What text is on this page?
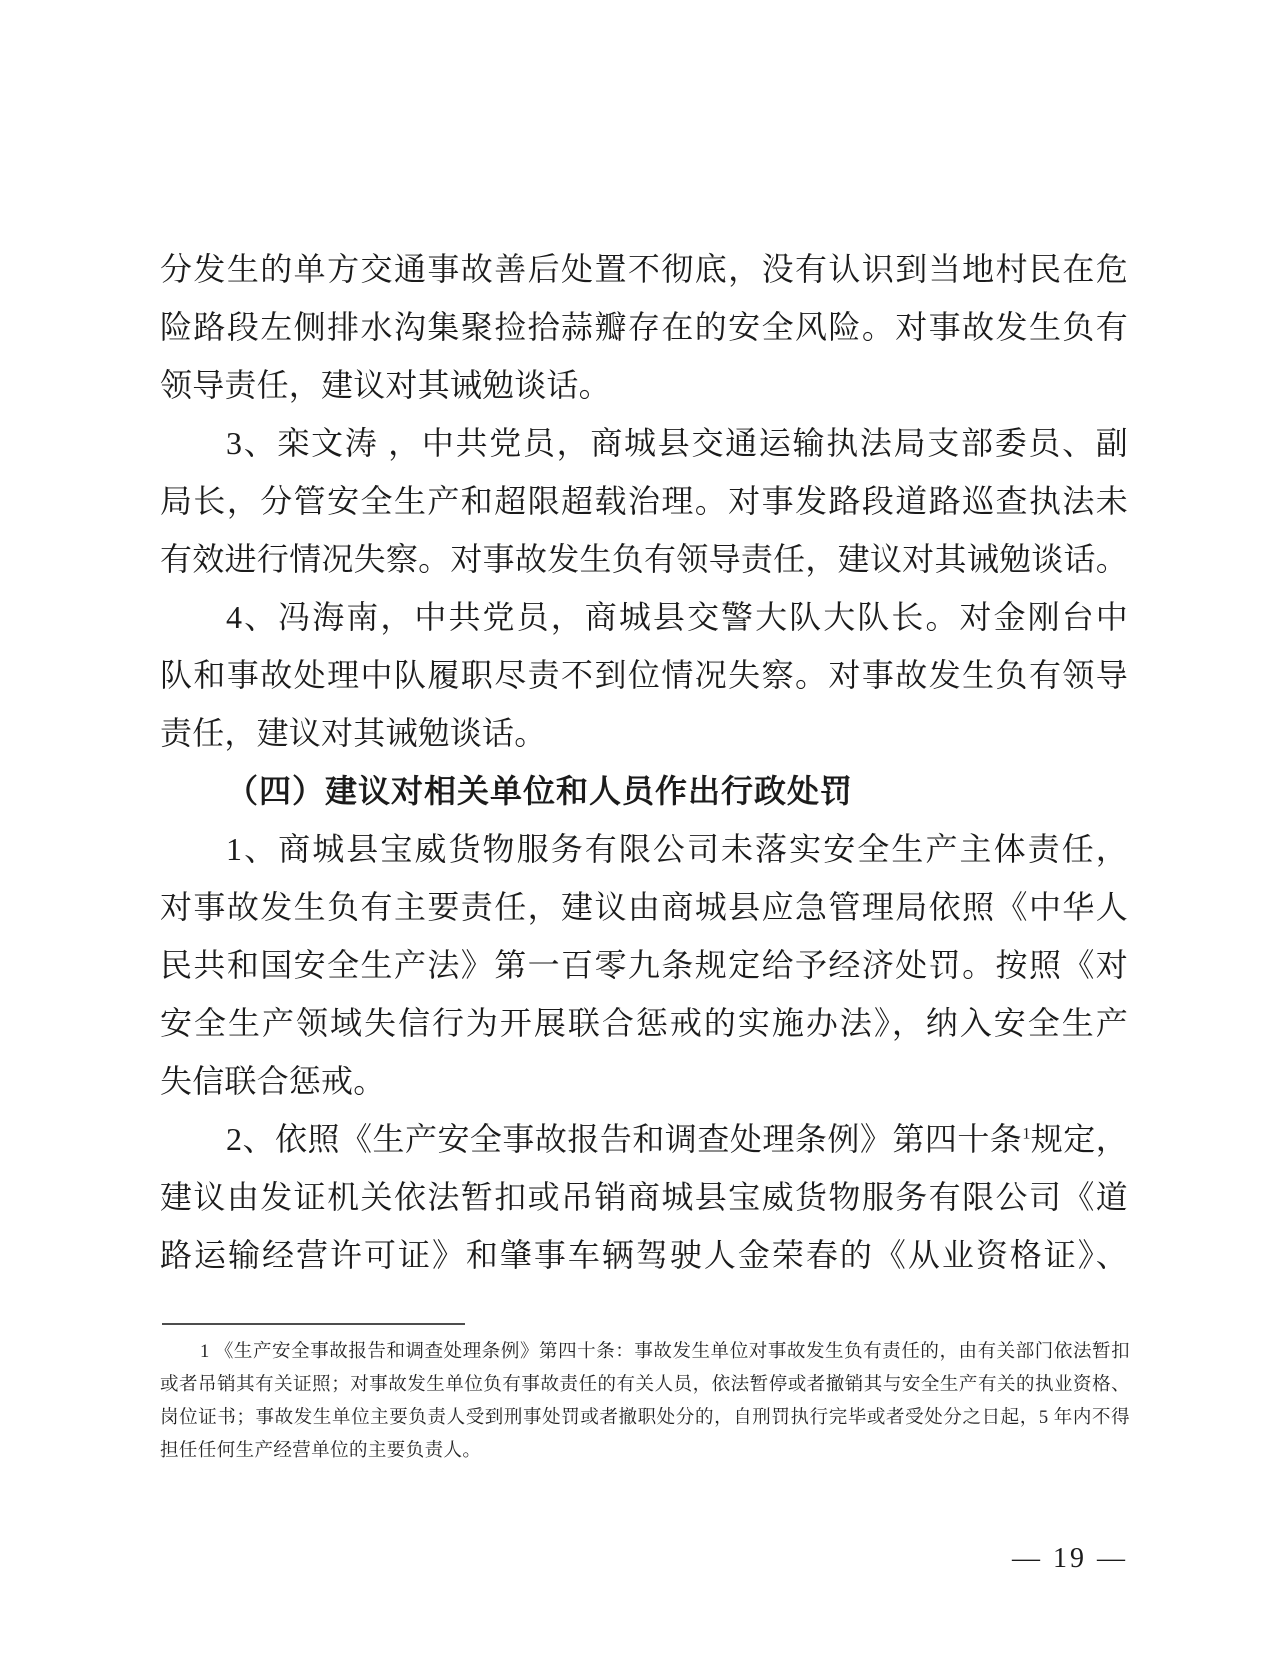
分发生的单方交通事故善后处置不彻底，没有认识到当地村民在危
险路段左侧排水沟集聚捡拾蒜瓣存在的安全风险。对事故发生负有
领导责任，建议对其诫勉谈话。
3、栾文涛 ，中共党员，商城县交通运输执法局支部委员、副
局长，分管安全生产和超限超载治理。对事发路段道路巡查执法未
有效进行情况失察。对事故发生负有领导责任，建议对其诫勉谈话。
4、冯海南，中共党员，商城县交警大队大队长。对金刚台中
队和事故处理中队履职尽责不到位情况失察。对事故发生负有领导
责任，建议对其诫勉谈话。
（四）建议对相关单位和人员作出行政处罚
1、商城县宝威货物服务有限公司未落实安全生产主体责任，
对事故发生负有主要责任，建议由商城县应急管理局依照《中华人
民共和国安全生产法》第一百零九条规定给予经济处罚。按照《对
安全生产领域失信行为开展联合惩戒的实施办法》，纳入安全生产
失信联合惩戒。
2、依照《生产安全事故报告和调查处理条例》第四十条$^1$规定，
建议由发证机关依法暂扣或吊销商城县宝威货物服务有限公司《道
路运输经营许可证》和肇事车辆驾驶人金荣春的《从业资格证》、
1 《生产安全事故报告和调查处理条例》第四十条：事故发生单位对事故发生负有责任的，由有关部门依法暂扣
或者吊销其有关证照；对事故发生单位负有事故责任的有关人员，依法暂停或者撤销其与安全生产有关的执业资格、
岗位证书；事故发生单位主要负责人受到刑事处罚或者撤职处分的，自刑罚执行完毕或者受处分之日起，5 年内不得
担任任何生产经营单位的主要负责人。
— 19 —
